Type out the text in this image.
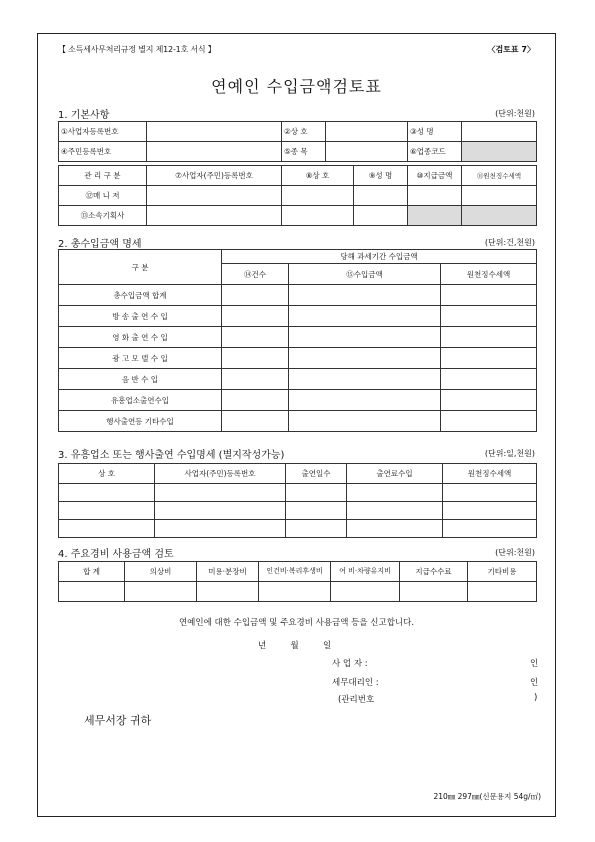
【 소득세사무처리규정 별지 제12-1호 서식 】	〈검토표 7〉
연예인 수입금액검토표
1. 기본사항	(단위:천원)
①사업자등록번호		②상 호		③성 명	
④주민등록번호		⑤종 목		⑥업종코드	
관 리 구 분	⑦사업자(주민)등록번호	⑧상 호	⑨성 명	⑩지급금액	⑪원천징수세액
⑫매 니 저					
⑬소속기획사					
2. 총수입금액 명세	(단위:건,천원)
구 분	당해 과세기간 수입금액		
	⑭건수	⑮수입금액	원천징수세액
총수입금액 합계			
방 송 출 연 수 입			
영 화 출 연 수 입			
광 고 모 델 수 입			
음 반 수 입			
유흥업소출연수입			
행사출연등 기타수입			
3. 유흥업소 또는 행사출연 수입명세 (별지작성가능)	(단위:일,천원)
상 호	사업자(주민)등록번호	출연일수	출연료수입	원천징수세액

4. 주요경비 사용금액 검토	(단위:천원)
합 계	의상비	미용·분장비	인건비·복리후생비	여 비·차량유지비	지급수수료	기타비용

연예인에 대한 수입금액 및 주요경비 사용금액 등을 신고합니다.
년         월         일
사 업 자 :	인
세무대리인 :	인
(관리번호	)
세무서장 귀하
210㎜ 297㎜(신문용지 54g/㎡)
